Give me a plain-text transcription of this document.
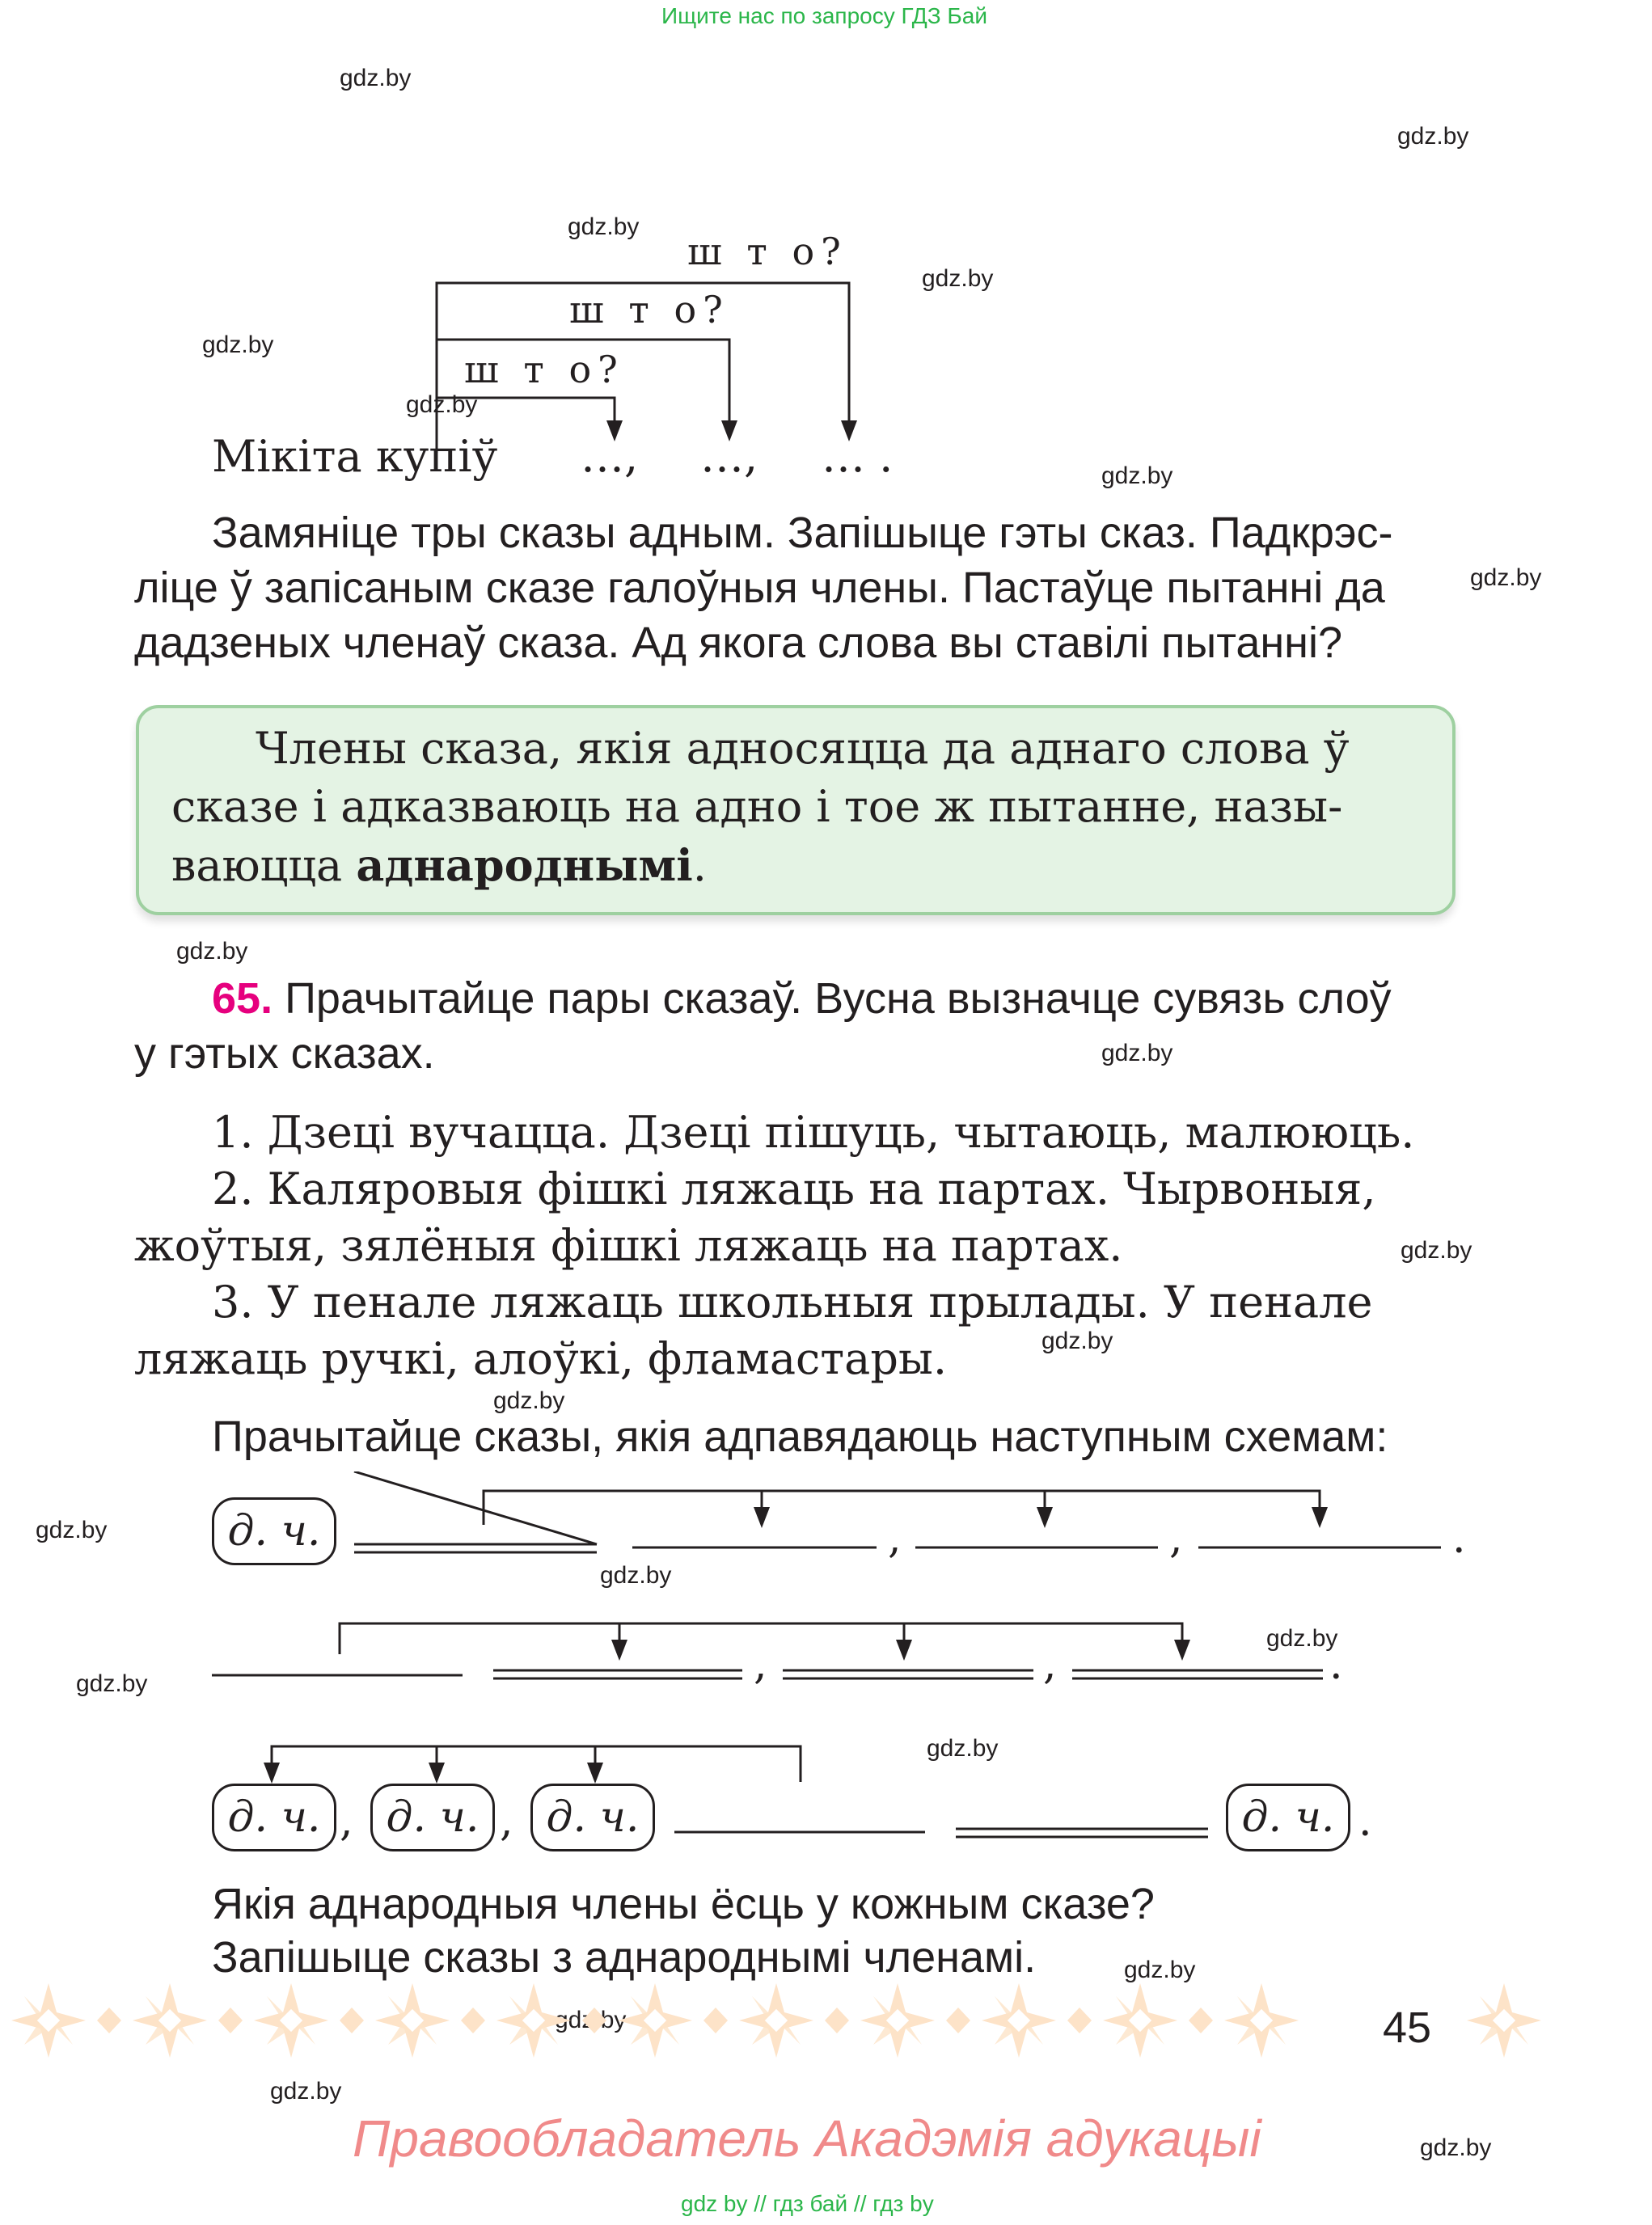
Ищите нас по запросу ГДЗ Бай
gdz.by
gdz.by
gdz.by
gdz.by
gdz.by
gdz.by
gdz.by
gdz.by
gdz.by
gdz.by
gdz.by
gdz.by
gdz.by
gdz.by
gdz.by
gdz.by
gdz.by
gdz.by
gdz.by
gdz.by
gdz.by
ш т о?
ш т о?
ш т о?
Мікіта купіў …, …, … .
Замяніце тры сказы адным. Запішыце гэты сказ. Падкрэс-
ліце ў запісаным сказе галоўныя члены. Пастаўце пытанні да
дадзеных членаў сказа. Ад якога слова вы ставілі пытанні?
Члены сказа, якія адносяцца да аднаго слова ў
сказе і адказваюць на адно і тое ж пытанне, назы-
ваюцца аднароднымі.
65. Прачытайце пары сказаў. Вусна вызначце сувязь слоў
у гэтых сказах.
1. Дзеці вучацца. Дзеці пішуць, чытаюць, малююць.
2. Каляровыя фішкі ляжаць на партах. Чырвоныя,
жоўтыя, зялёныя фішкі ляжаць на партах.
3. У пенале ляжаць школьныя прылады. У пенале
ляжаць ручкі, алоўкі, фламастары.
Прачытайце сказы, якія адпавядаюць наступным схемам:
,	,	.
,	,	.
,	,	.
д. ч.
д. ч.	д. ч.	д. ч.	д. ч.
Якія аднародныя члены ёсць у кожным сказе?
Запішыце сказы з аднароднымі членамі.
45
Правообладатель Акадэмія адукацыі
gdz by // гдз бай // гдз by
